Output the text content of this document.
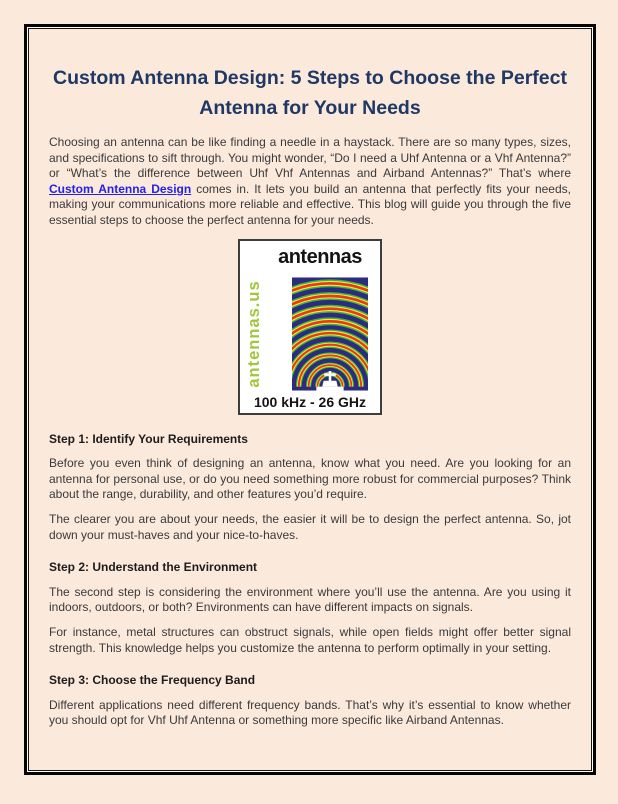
Custom Antenna Design: 5 Steps to Choose the Perfect
Antenna for Your Needs

Choosing an antenna can be like finding a needle in a haystack. There are so many types, sizes, and specifications to sift through. You might wonder, “Do I need a Uhf Antenna or a Vhf Antenna?” or “What’s the difference between Uhf Vhf Antennas and Airband Antennas?” That’s where Custom Antenna Design comes in. It lets you build an antenna that perfectly fits your needs, making your communications more reliable and effective. This blog will guide you through the five essential steps to choose the perfect antenna for your needs.

antennas
antennas.us
100 kHz - 26 GHz
Step 1: Identify Your Requirements

Before you even think of designing an antenna, know what you need. Are you looking for an antenna for personal use, or do you need something more robust for commercial purposes? Think about the range, durability, and other features you’d require.

The clearer you are about your needs, the easier it will be to design the perfect antenna. So, jot down your must-haves and your nice-to-haves.

Step 2: Understand the Environment

The second step is considering the environment where you’ll use the antenna. Are you using it indoors, outdoors, or both? Environments can have different impacts on signals.

For instance, metal structures can obstruct signals, while open fields might offer better signal strength. This knowledge helps you customize the antenna to perform optimally in your setting.

Step 3: Choose the Frequency Band

Different applications need different frequency bands. That’s why it’s essential to know whether you should opt for Vhf Uhf Antenna or something more specific like Airband Antennas.
